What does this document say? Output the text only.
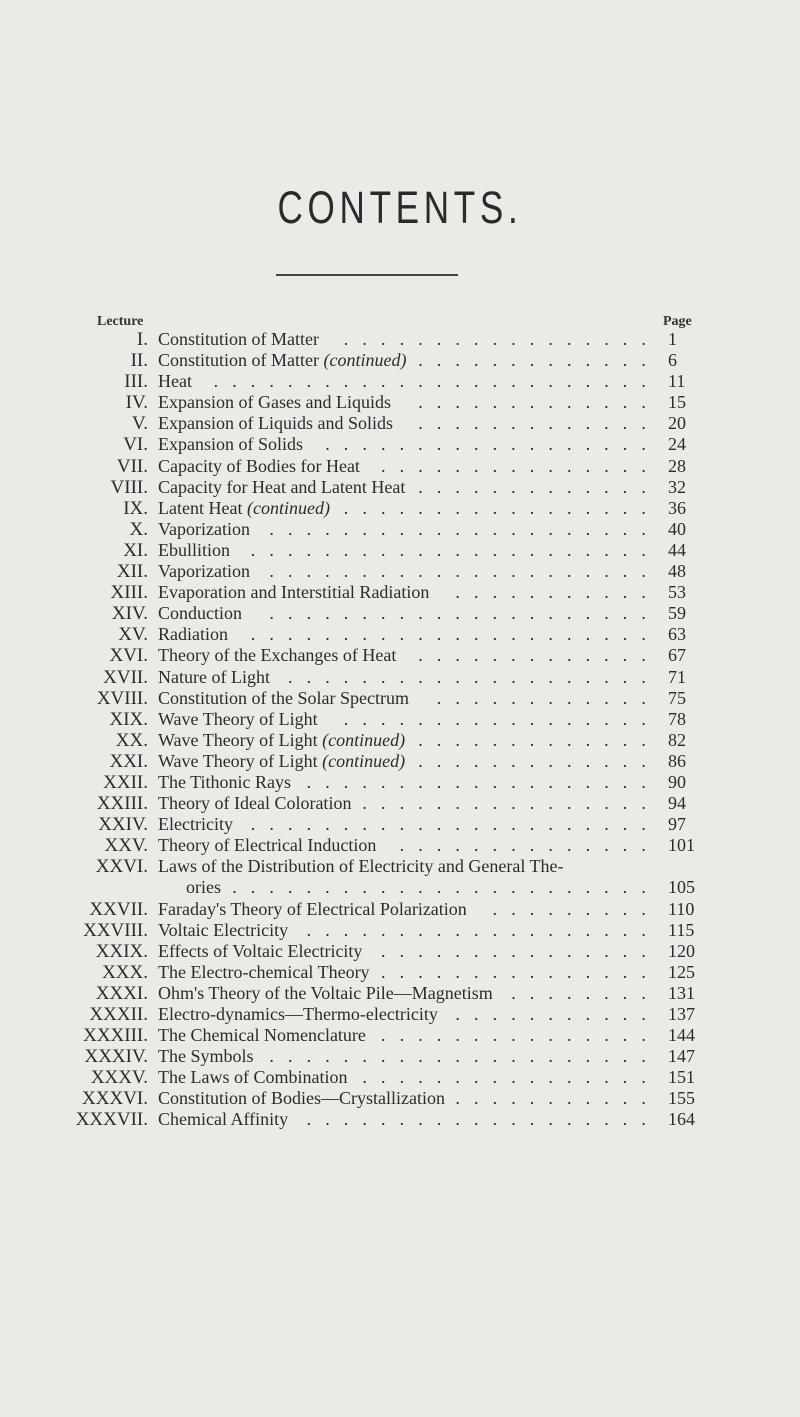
CONTENTS.
Lecture	Page
I. Constitution of Matter ................. 1
II. Constitution of Matter (continued) ............. 6
III. Heat ........................ 11
IV. Expansion of Gases and Liquids ............. 15
V. Expansion of Liquids and Solids ............. 20
VI. Expansion of Solids .................. 24
VII. Capacity of Bodies for Heat ............... 28
VIII. Capacity for Heat and Latent Heat ............. 32
IX. Latent Heat (continued) ................. 36
X. Vaporization ..................... 40
XI. Ebullition ...................... 44
XII. Vaporization ..................... 48
XIII. Evaporation and Interstitial Radiation ........... 53
XIV. Conduction ..................... 59
XV. Radiation ...................... 63
XVI. Theory of the Exchanges of Heat ............. 67
XVII. Nature of Light .................... 71
XVIII. Constitution of the Solar Spectrum ............ 75
XIX. Wave Theory of Light ................. 78
XX. Wave Theory of Light (continued) ............. 82
XXI. Wave Theory of Light (continued) ............. 86
XXII. The Tithonic Rays ................... 90
XXIII. Theory of Ideal Coloration ................ 94
XXIV. Electricity ...................... 97
XXV. Theory of Electrical Induction .............. 101
XXVI. Laws of the Distribution of Electricity and General The-
ories ....................... 105
XXVII. Faraday's Theory of Electrical Polarization ......... 110
XXVIII. Voltaic Electricity ................... 115
XXIX. Effects of Voltaic Electricity ............... 120
XXX. The Electro-chemical Theory ............... 125
XXXI. Ohm's Theory of the Voltaic Pile—Magnetism ........ 131
XXXII. Electro-dynamics—Thermo-electricity ........... 137
XXXIII. The Chemical Nomenclature ............... 144
XXXIV. The Symbols ..................... 147
XXXV. The Laws of Combination ................ 151
XXXVI. Constitution of Bodies—Crystallization ........... 155
XXXVII. Chemical Affinity ................... 164
